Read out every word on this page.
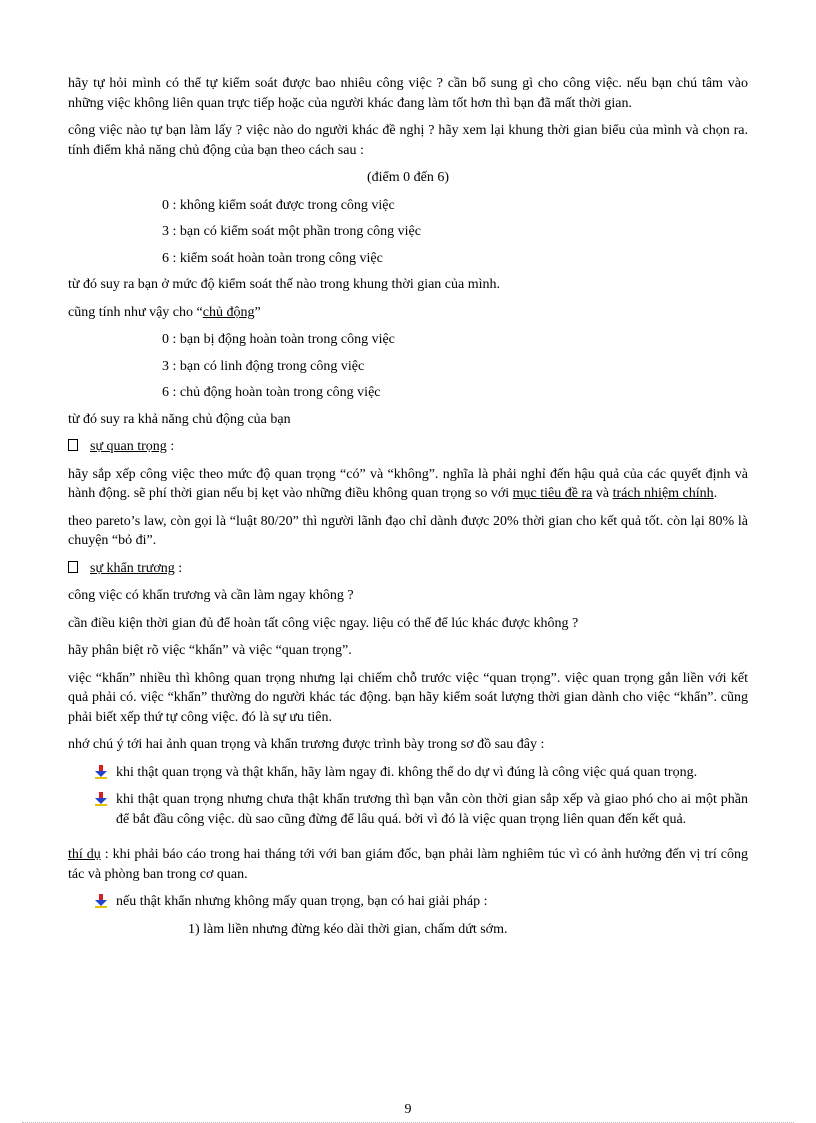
hãy tự hỏi mình có thể tự kiểm soát được bao nhiêu công việc ? cần bổ sung gì cho công việc. nếu bạn chú tâm vào những việc không liên quan trực tiếp hoặc của người khác đang làm tốt hơn thì bạn đã mất thời gian.

công việc nào tự bạn làm lấy ? việc nào do người khác đề nghị ? hãy xem lại khung thời gian biểu của mình và chọn ra. tính điểm khả năng chủ động của bạn theo cách sau :

(điểm 0 đến 6)

0 : không kiểm soát được trong công việc

3 : bạn có kiểm soát một phần trong công việc

6 : kiểm soát hoàn toàn trong công việc

từ đó suy ra bạn ở mức độ kiểm soát thế nào trong khung thời gian của mình.

cũng tính như vậy cho “chủ động”

0 : bạn bị động hoàn toàn trong công việc

3 : bạn có linh động trong công việc

6 : chủ động hoàn toàn trong công việc

từ đó suy ra khả năng chủ động của bạn

sự quan trọng :

hãy sắp xếp công việc theo mức độ quan trọng “có” và “không”. nghĩa là phải nghỉ đến hậu quả của các quyết định và hành động. sẽ phí thời gian nếu bị kẹt vào những điều không quan trọng so với mục tiêu đề ra và trách nhiệm chính.

theo pareto’s law, còn gọi là “luật 80/20” thì người lãnh đạo chỉ dành được 20% thời gian cho kết quả tốt. còn lại 80% là chuyện “bỏ đi”.

sự khẩn trương :

công việc có khẩn trương và cần làm ngay không ?

cần điều kiện thời gian đủ để hoàn tất công việc ngay. liệu có thể để lúc khác được không ?

hãy phân biệt rõ việc “khẩn” và việc “quan trọng”.

việc “khẩn” nhiều thì không quan trọng nhưng lại chiếm chỗ trước việc “quan trọng”. việc quan trọng gắn liền với kết quả phải có. việc “khẩn” thường do người khác tác động. bạn hãy kiểm soát lượng thời gian dành cho việc “khẩn”. cũng phải biết xếp thứ tự công việc. đó là sự ưu tiên.

nhớ chú ý tới hai ảnh quan trọng và khẩn trương được trình bày trong sơ đồ sau đây :

khi thật quan trọng và thật khẩn, hãy làm ngay đi. không thể do dự vì đúng là công việc quá quan trọng.

khi thật quan trọng nhưng chưa thật khẩn trương thì bạn vẫn còn thời gian sắp xếp và giao phó cho ai một phần để bắt đầu công việc. dù sao cũng đừng để lâu quá. bởi vì đó là việc quan trọng liên quan đến kết quả.

thí dụ : khi phải báo cáo trong hai tháng tới với ban giám đốc, bạn phải làm nghiêm túc vì có ảnh hưởng đến vị trí công tác và phòng ban trong cơ quan.

nếu thật khẩn nhưng không mấy quan trọng, bạn có hai giải pháp :

1) làm liền nhưng đừng kéo dài thời gian, chấm dứt sớm.

9
